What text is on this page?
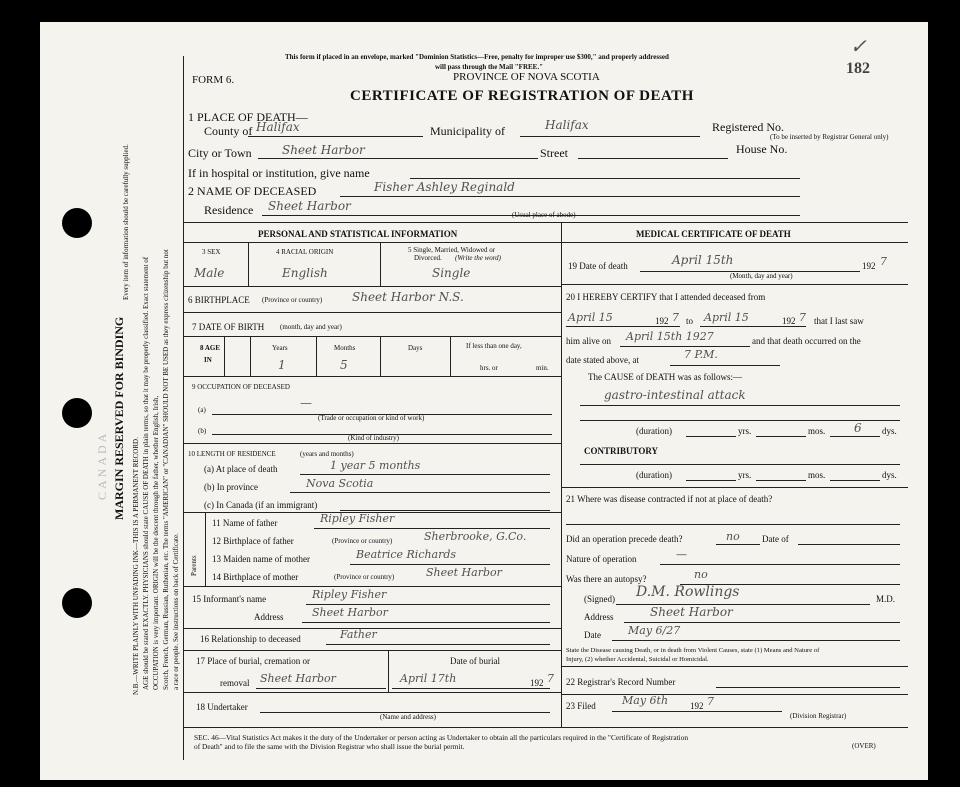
MARGIN RESERVED FOR BINDING
N.B.—WRITE PLAINLY WITH UNFADING INK—THIS IS A PERMANENT RECORD.
Every item of information should be carefully supplied.
AGE should be stated EXACTLY. PHYSICIANS should state CAUSE OF DEATH in plain terms, so that it may be properly classified. Exact statement of OCCUPATION is very important. ORIGIN will be the descent through the father, whether English, Irish, Scotch, French, German, Russian, Ruthenian, etc. The terms "AMERICAN" or "CANADIAN" SHOULD NOT BE USED as they express citizenship but not a race or people. See instructions on back of Certificate.
CANADA
This form if placed in an envelope, marked "Dominion Statistics—Free, penalty for improper use $300," and properly addressed
will pass through the Mail "FREE."
PROVINCE OF NOVA SCOTIA
FORM 6.
CERTIFICATE OF REGISTRATION OF DEATH
182
✓
1 PLACE OF DEATH—
County of Halifax	Municipality of	Halifax	Registered No.
(To be inserted by Registrar General only)
City or Town	Sheet Harbor	Street	House No.
If in hospital or institution, give name
2 NAME OF DECEASED	Fisher Ashley Reginald
Residence Sheet Harbor
(Usual place of abode)
PERSONAL AND STATISTICAL INFORMATION
3 SEX	4 RACIAL ORIGIN	5 Single, Married, Widowed or
Divorced. (Write the word)
Male	English	Single
6 BIRTHPLACE (Province or country) Sheet Harbor N.S.
7 DATE OF BIRTH (month, day and year)
8 AGE
IN
Years	Months	Days	If less than one day,
hrs. or	min.
1	5
9 OCCUPATION OF DECEASED
(a)	—
(Trade or occupation or kind of work)
(b)
(Kind of industry)
10 LENGTH OF RESIDENCE	(years and months)
(a) At place of death	1 year 5 months
(b) In province	Nova Scotia
(c) In Canada (if an immigrant)
Parents
11 Name of father	Ripley Fisher
12 Birthplace of father	(Province or country)	Sherbrooke, G.Co.
13 Maiden name of mother	Beatrice Richards
14 Birthplace of mother	(Province or country)	Sheet Harbor
15 Informant's name	Ripley Fisher
Address	Sheet Harbor
16 Relationship to deceased	Father
17 Place of burial, cremation or
removal Sheet Harbor
Date of burial
April 17th	192 7
18 Undertaker
(Name and address)
MEDICAL CERTIFICATE OF DEATH
19 Date of death	April 15th	192 7
(Month, day and year)
20 I HEREBY CERTIFY that I attended deceased from
April 15	192 7 to April 15	192 7 that I last saw
him alive on April 15th 1927	and that death occurred on the
date stated above, at	7 P.M.
The CAUSE of DEATH was as follows:—
gastro-intestinal attack
(duration)	yrs.	mos. 6 dys.
CONTRIBUTORY
(duration)	yrs.	mos.	dys.
21 Where was disease contracted if not at place of death?
Did an operation precede death?	no Date of
Nature of operation	—
Was there an autopsy?	no
(Signed) D.M. Rowlings	M.D.
Address	Sheet Harbor
Date May 6/27
State the Disease causing Death, or in death from Violent Causes, state (1) Means and Nature of
Injury, (2) whether Accidental, Suicidal or Homicidal.
22 Registrar's Record Number
23 Filed May 6th 192 7
(Division Registrar)
SEC. 46—Vital Statistics Act makes it the duty of the Undertaker or person acting as Undertaker to obtain all the particulars required in the "Certificate of Registration
of Death" and to file the same with the Division Registrar who shall issue the burial permit.	(OVER)
